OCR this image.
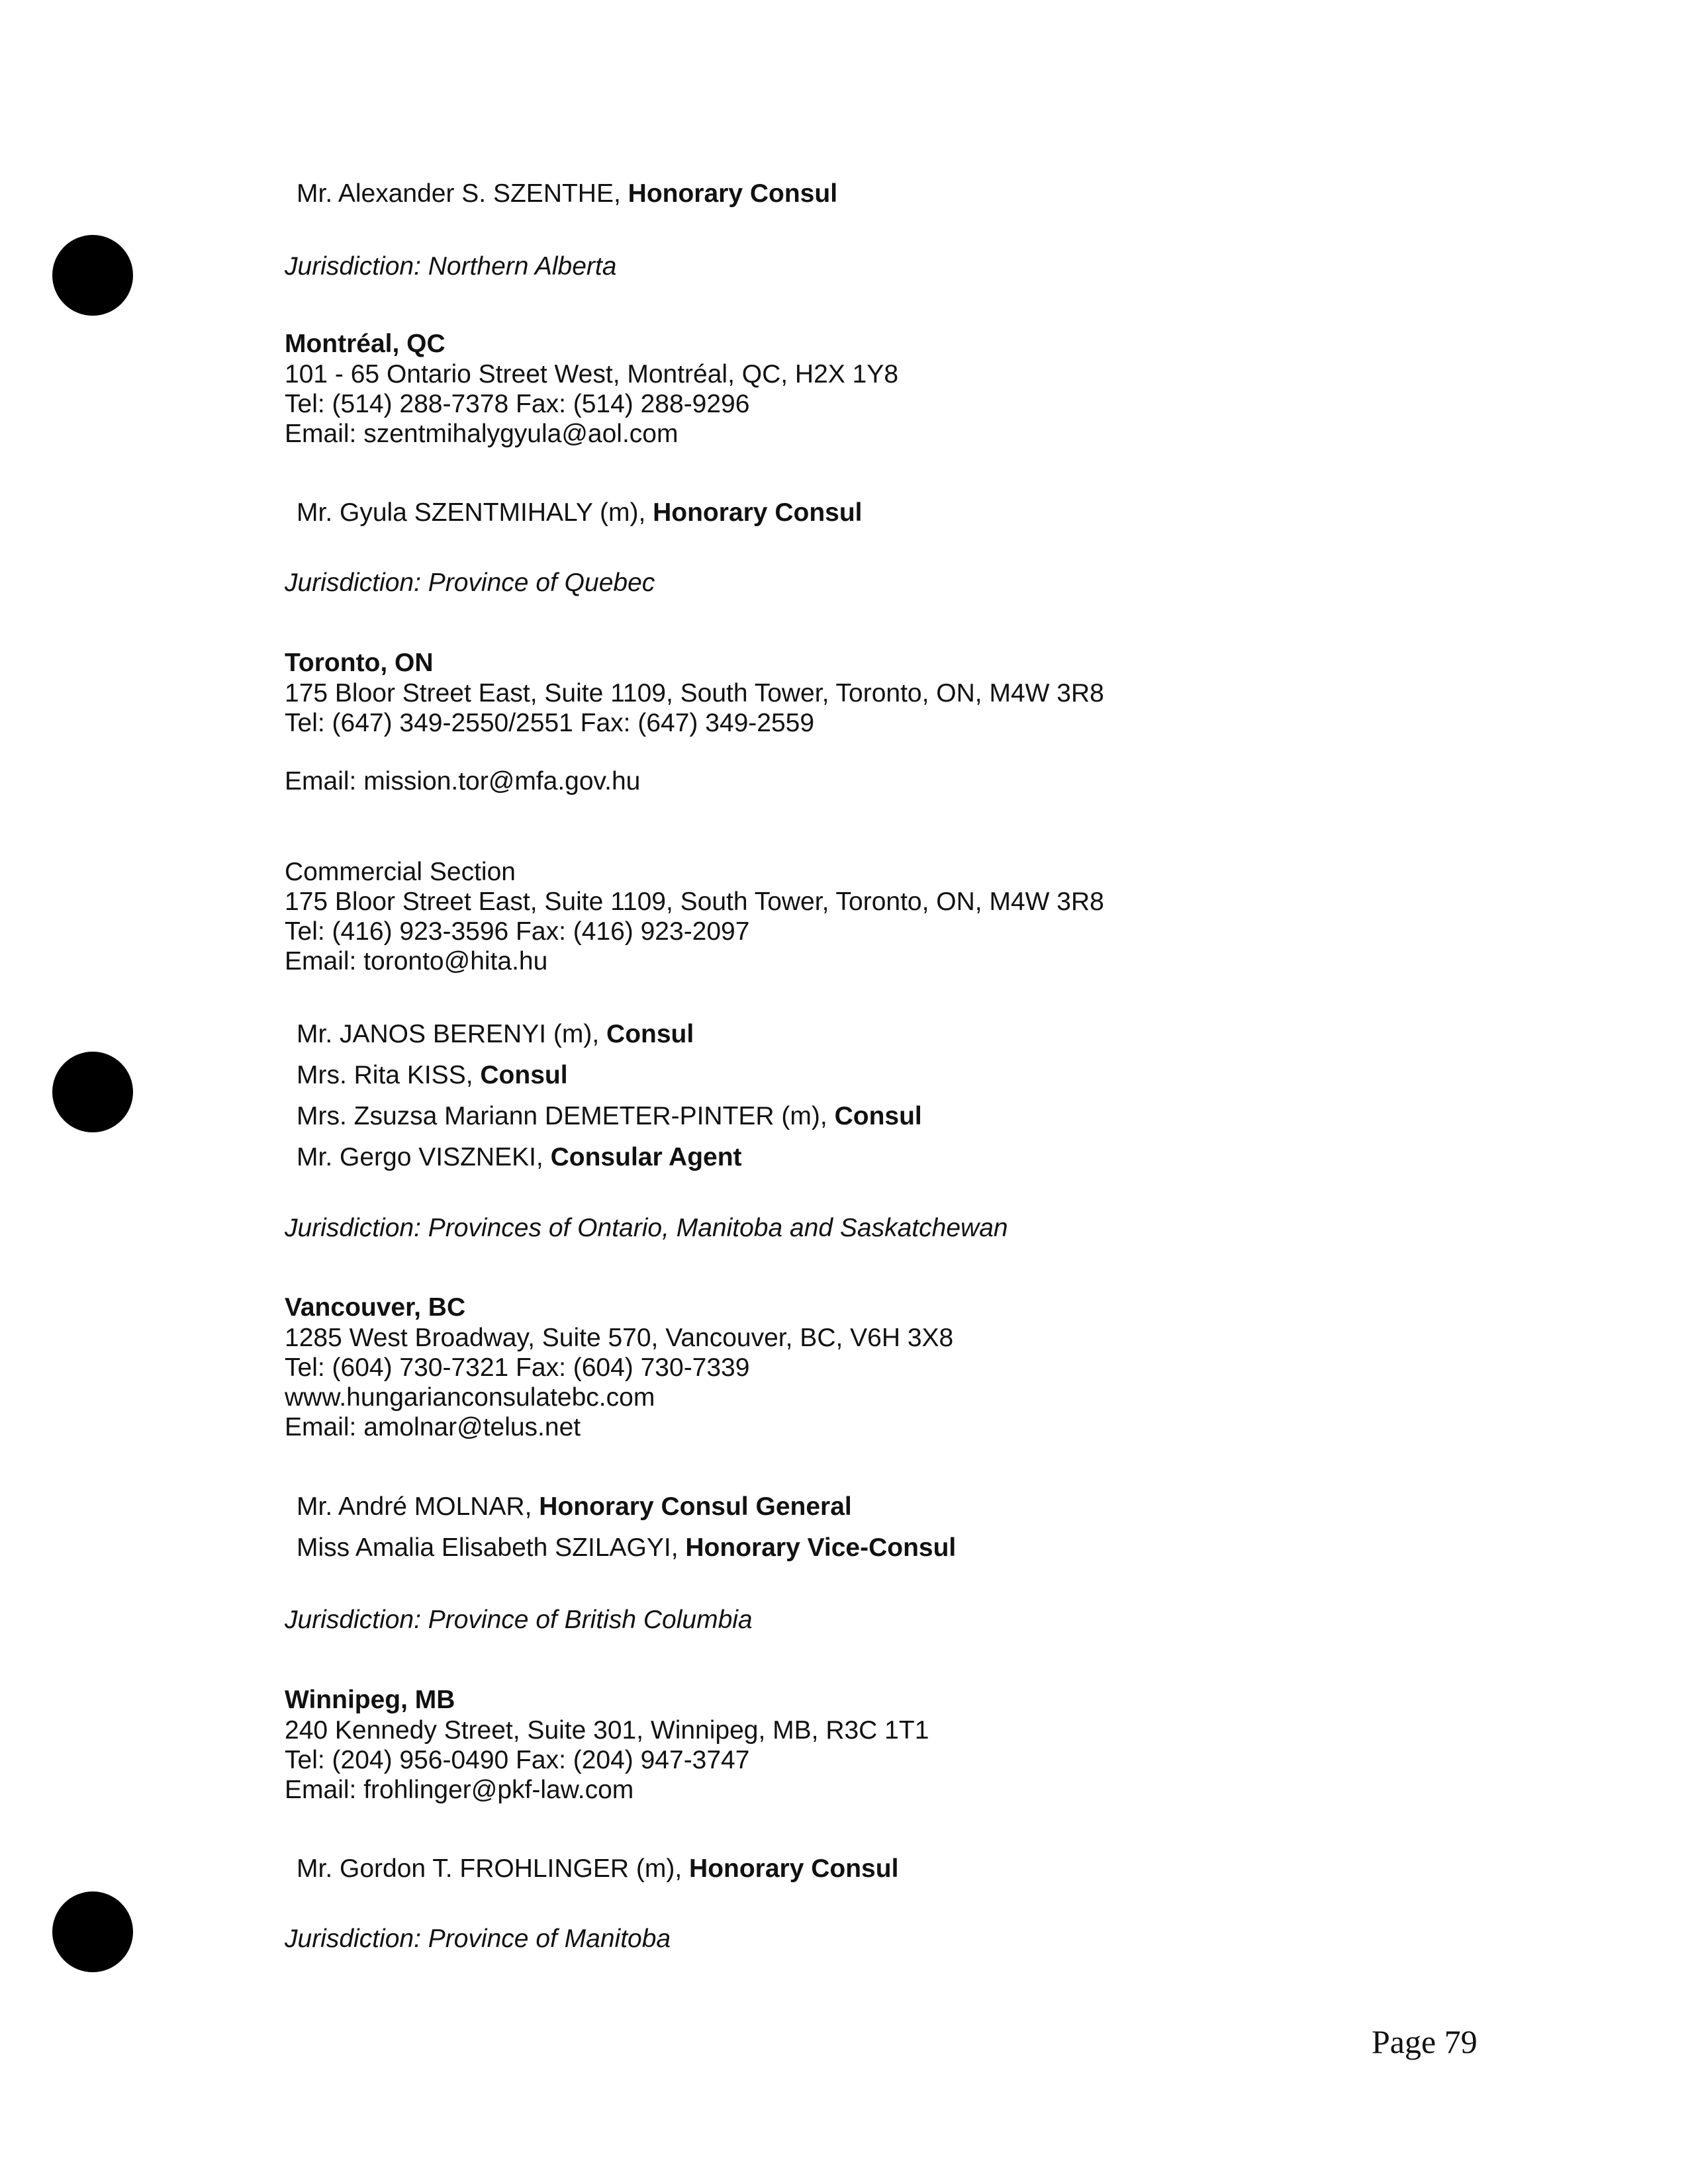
Mr. Alexander S. SZENTHE, Honorary Consul
Jurisdiction: Northern Alberta
Montréal, QC
101 - 65 Ontario Street West, Montréal, QC, H2X 1Y8
Tel: (514) 288-7378 Fax: (514) 288-9296
Email: szentmihalygyula@aol.com
Mr. Gyula SZENTMIHALY (m), Honorary Consul
Jurisdiction: Province of Quebec
Toronto, ON
175 Bloor Street East, Suite 1109, South Tower, Toronto, ON, M4W 3R8
Tel: (647) 349-2550/2551 Fax: (647) 349-2559
Email: mission.tor@mfa.gov.hu
Commercial Section
175 Bloor Street East, Suite 1109, South Tower, Toronto, ON, M4W 3R8
Tel: (416) 923-3596 Fax: (416) 923-2097
Email: toronto@hita.hu
Mr. JANOS BERENYI (m), Consul
Mrs. Rita KISS, Consul
Mrs. Zsuzsa Mariann DEMETER-PINTER (m), Consul
Mr. Gergo VISZNEKI, Consular Agent
Jurisdiction: Provinces of Ontario, Manitoba and Saskatchewan
Vancouver, BC
1285 West Broadway, Suite 570, Vancouver, BC, V6H 3X8
Tel: (604) 730-7321 Fax: (604) 730-7339
www.hungarianconsulatebc.com
Email: amolnar@telus.net
Mr. André MOLNAR, Honorary Consul General
Miss Amalia Elisabeth SZILAGYI, Honorary Vice-Consul
Jurisdiction: Province of British Columbia
Winnipeg, MB
240 Kennedy Street, Suite 301, Winnipeg, MB, R3C 1T1
Tel: (204) 956-0490 Fax: (204) 947-3747
Email: frohlinger@pkf-law.com
Mr. Gordon T. FROHLINGER (m), Honorary Consul
Jurisdiction: Province of Manitoba
Page 79
